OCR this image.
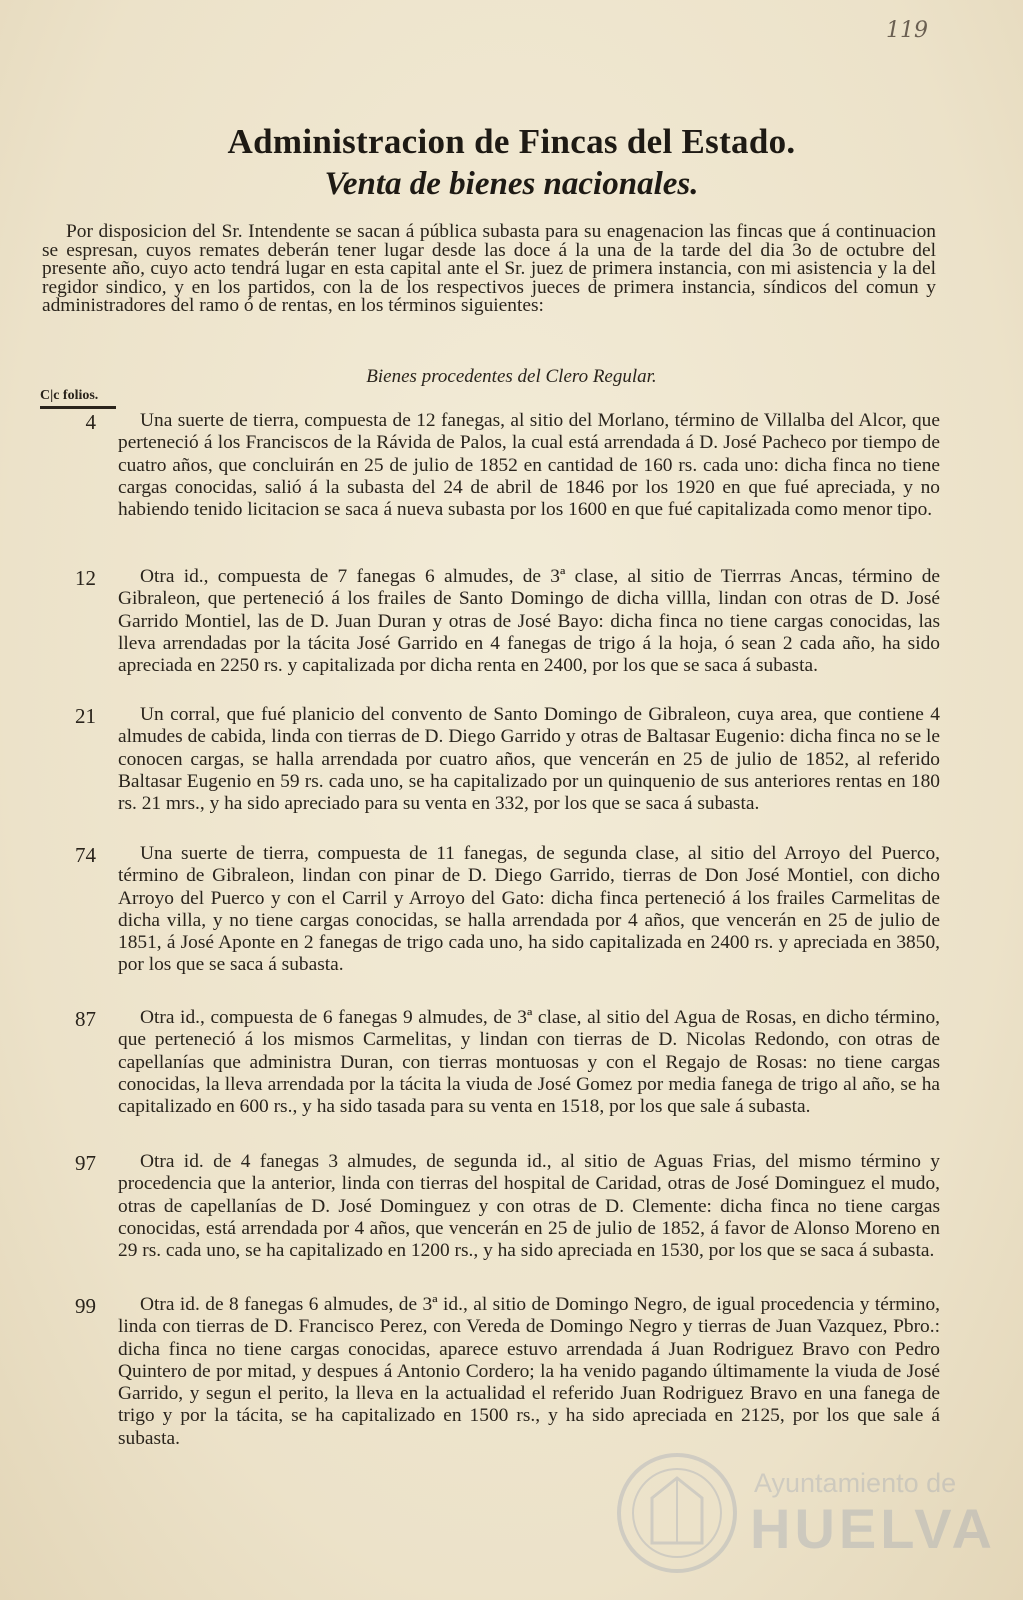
119
Administracion de Fincas del Estado.
Venta de bienes nacionales.
Por disposicion del Sr. Intendente se sacan á pública subasta para su enagenacion las fincas que á continuacion se espresan, cuyos remates deberán tener lugar desde las doce á la una de la tarde del dia 3o de octubre del presente año, cuyo acto tendrá lugar en esta capital ante el Sr. juez de primera instancia, con mi asistencia y la del regidor sindico, y en los partidos, con la de los respectivos jueces de primera instancia, síndicos del comun y administradores del ramo ó de rentas, en los términos siguientes:
Bienes procedentes del Clero Regular.
C|c folios.
4	Una suerte de tierra, compuesta de 12 fanegas, al sitio del Morlano, término de Villalba del Alcor, que perteneció á los Franciscos de la Rávida de Palos, la cual está arrendada á D. José Pacheco por tiempo de cuatro años, que concluirán en 25 de julio de 1852 en cantidad de 160 rs. cada uno: dicha finca no tiene cargas conocidas, salió á la subasta del 24 de abril de 1846 por los 1920 en que fué apreciada, y no habiendo tenido licitacion se saca á nueva subasta por los 1600 en que fué capitalizada como menor tipo.
12	Otra id., compuesta de 7 fanegas 6 almudes, de 3ª clase, al sitio de Tierrras Ancas, término de Gibraleon, que perteneció á los frailes de Santo Domingo de dicha villla, lindan con otras de D. José Garrido Montiel, las de D. Juan Duran y otras de José Bayo: dicha finca no tiene cargas conocidas, las lleva arrendadas por la tácita José Garrido en 4 fanegas de trigo á la hoja, ó sean 2 cada año, ha sido apreciada en 2250 rs. y capitalizada por dicha renta en 2400, por los que se saca á subasta.
21	Un corral, que fué planicio del convento de Santo Domingo de Gibraleon, cuya area, que contiene 4 almudes de cabida, linda con tierras de D. Diego Garrido y otras de Baltasar Eugenio: dicha finca no se le conocen cargas, se halla arrendada por cuatro años, que vencerán en 25 de julio de 1852, al referido Baltasar Eugenio en 59 rs. cada uno, se ha capitalizado por un quinquenio de sus anteriores rentas en 180 rs. 21 mrs., y ha sido apreciado para su venta en 332, por los que se saca á subasta.
74	Una suerte de tierra, compuesta de 11 fanegas, de segunda clase, al sitio del Arroyo del Puerco, término de Gibraleon, lindan con pinar de D. Diego Garrido, tierras de Don José Montiel, con dicho Arroyo del Puerco y con el Carril y Arroyo del Gato: dicha finca perteneció á los frailes Carmelitas de dicha villa, y no tiene cargas conocidas, se halla arrendada por 4 años, que vencerán en 25 de julio de 1851, á José Aponte en 2 fanegas de trigo cada uno, ha sido capitalizada en 2400 rs. y apreciada en 3850, por los que se saca á subasta.
87	Otra id., compuesta de 6 fanegas 9 almudes, de 3ª clase, al sitio del Agua de Rosas, en dicho término, que perteneció á los mismos Carmelitas, y lindan con tierras de D. Nicolas Redondo, con otras de capellanías que administra Duran, con tierras montuosas y con el Regajo de Rosas: no tiene cargas conocidas, la lleva arrendada por la tácita la viuda de José Gomez por media fanega de trigo al año, se ha capitalizado en 600 rs., y ha sido tasada para su venta en 1518, por los que sale á subasta.
97	Otra id. de 4 fanegas 3 almudes, de segunda id., al sitio de Aguas Frias, del mismo término y procedencia que la anterior, linda con tierras del hospital de Caridad, otras de José Dominguez el mudo, otras de capellanías de D. José Dominguez y con otras de D. Clemente: dicha finca no tiene cargas conocidas, está arrendada por 4 años, que vencerán en 25 de julio de 1852, á favor de Alonso Moreno en 29 rs. cada uno, se ha capitalizado en 1200 rs., y ha sido apreciada en 1530, por los que se saca á subasta.
99	Otra id. de 8 fanegas 6 almudes, de 3ª id., al sitio de Domingo Negro, de igual procedencia y término, linda con tierras de D. Francisco Perez, con Vereda de Domingo Negro y tierras de Juan Vazquez, Pbro.: dicha finca no tiene cargas conocidas, aparece estuvo arrendada á Juan Rodriguez Bravo con Pedro Quintero de por mitad, y despues á Antonio Cordero; la ha venido pagando últimamente la viuda de José Garrido, y segun el perito, la lleva en la actualidad el referido Juan Rodriguez Bravo en una fanega de trigo y por la tácita, se ha capitalizado en 1500 rs., y ha sido apreciada en 2125, por los que sale á subasta.
Ayuntamiento de
HUELVA
